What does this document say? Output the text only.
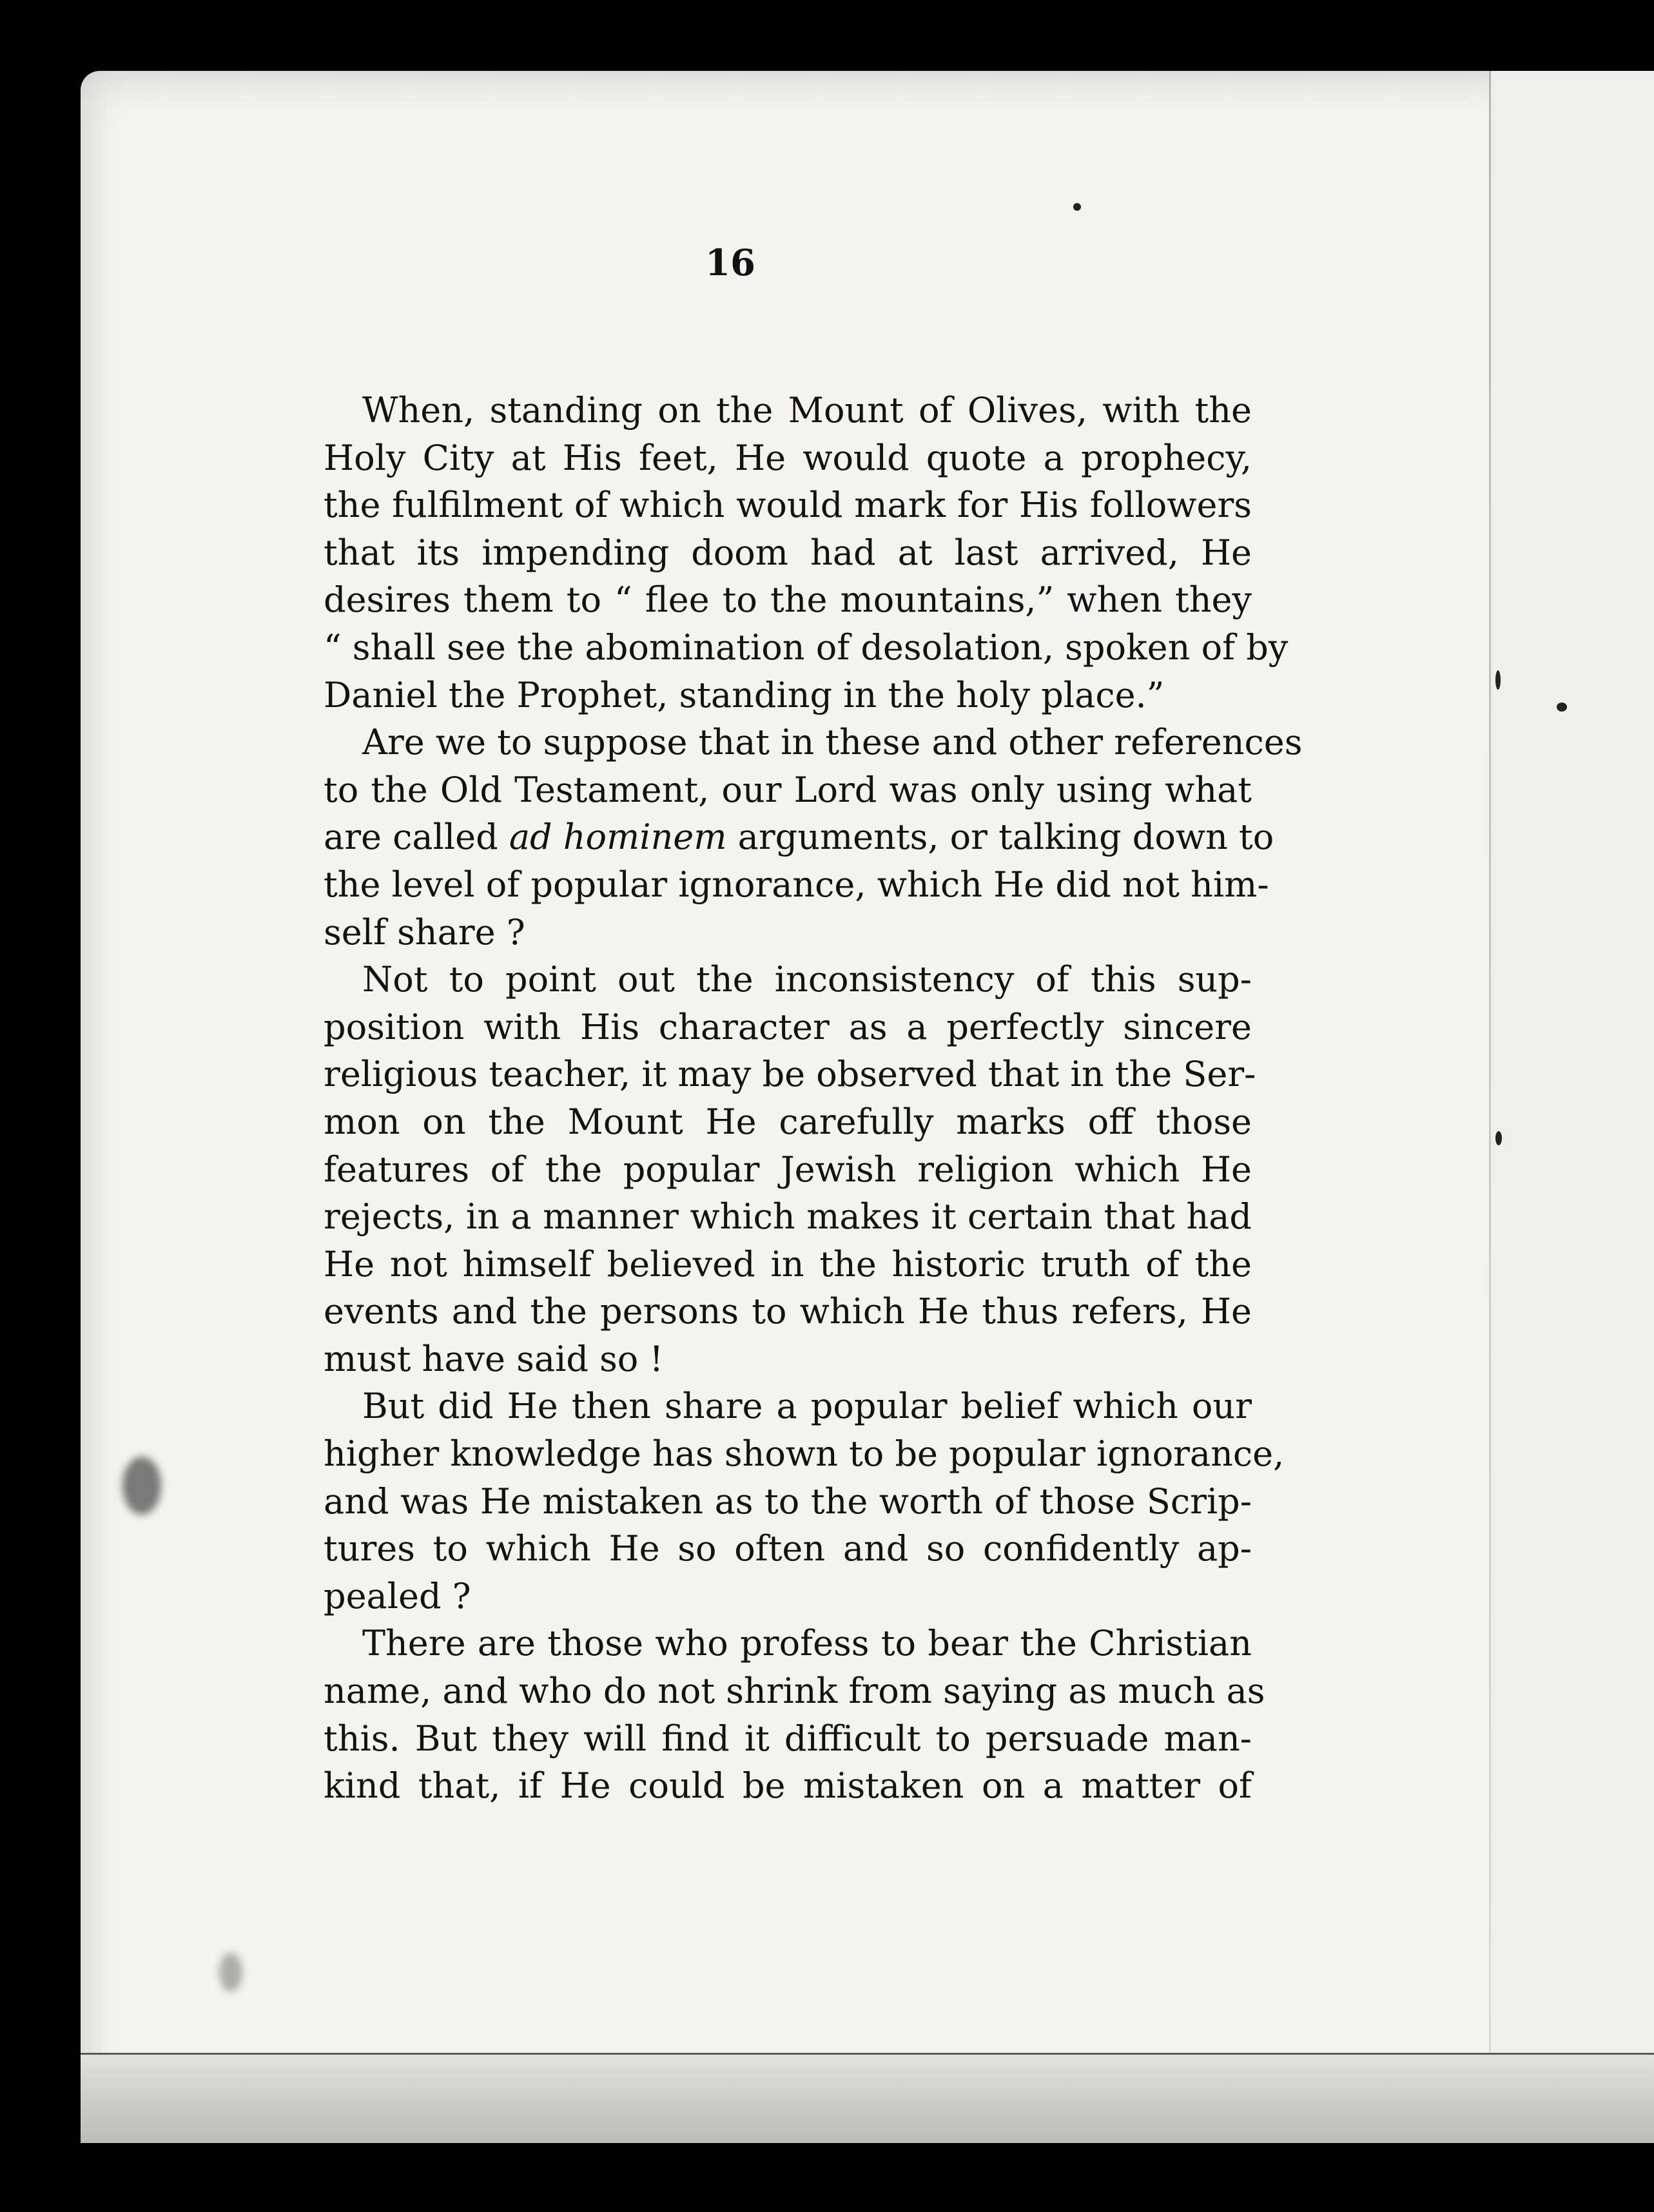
16
When, standing on the Mount of Olives, with the
Holy City at His feet, He would quote a prophecy,
the fulfilment of which would mark for His followers
that its impending doom had at last arrived, He
desires them to “ flee to the mountains,” when they
“ shall see the abomination of desolation, spoken of by
Daniel the Prophet, standing in the holy place.”
Are we to suppose that in these and other references
to the Old Testament, our Lord was only using what
are called ad hominem arguments, or talking down to
the level of popular ignorance, which He did not him-
self share ?
Not to point out the inconsistency of this sup-
position with His character as a perfectly sincere
religious teacher, it may be observed that in the Ser-
mon on the Mount He carefully marks off those
features of the popular Jewish religion which He
rejects, in a manner which makes it certain that had
He not himself believed in the historic truth of the
events and the persons to which He thus refers, He
must have said so !
But did He then share a popular belief which our
higher knowledge has shown to be popular ignorance,
and was He mistaken as to the worth of those Scrip-
tures to which He so often and so confidently ap-
pealed ?
There are those who profess to bear the Christian
name, and who do not shrink from saying as much as
this. But they will find it difficult to persuade man-
kind that, if He could be mistaken on a matter of
